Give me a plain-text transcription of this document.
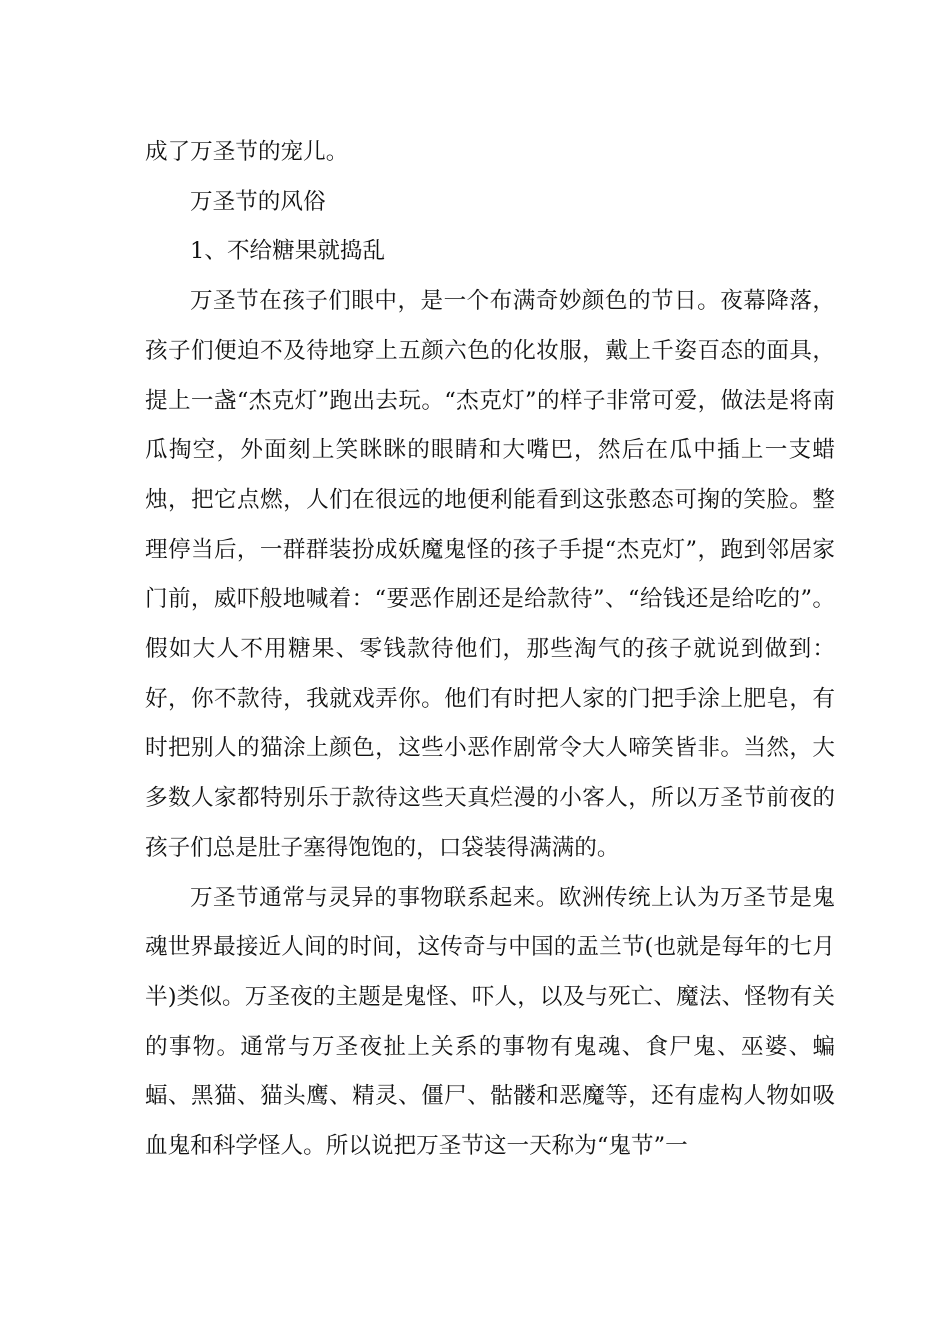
成了万圣节的宠儿。

万圣节的风俗

1、不给糖果就捣乱

万圣节在孩子们眼中，是一个布满奇妙颜色的节日。夜幕降落，孩子们便迫不及待地穿上五颜六色的化妆服，戴上千姿百态的面具，提上一盏“杰克灯”跑出去玩。“杰克灯”的样子非常可爱，做法是将南瓜掏空，外面刻上笑眯眯的眼睛和大嘴巴，然后在瓜中插上一支蜡烛，把它点燃，人们在很远的地便利能看到这张憨态可掬的笑脸。整理停当后，一群群装扮成妖魔鬼怪的孩子手提“杰克灯”，跑到邻居家门前，威吓般地喊着：“要恶作剧还是给款待”、“给钱还是给吃的”。假如大人不用糖果、零钱款待他们，那些淘气的孩子就说到做到：好，你不款待，我就戏弄你。他们有时把人家的门把手涂上肥皂，有时把别人的猫涂上颜色，这些小恶作剧常令大人啼笑皆非。当然，大多数人家都特别乐于款待这些天真烂漫的小客人，所以万圣节前夜的孩子们总是肚子塞得饱饱的，口袋装得满满的。

万圣节通常与灵异的事物联系起来。欧洲传统上认为万圣节是鬼魂世界最接近人间的时间，这传奇与中国的盂兰节(也就是每年的七月半)类似。万圣夜的主题是鬼怪、吓人，以及与死亡、魔法、怪物有关的事物。通常与万圣夜扯上关系的事物有鬼魂、食尸鬼、巫婆、蝙蝠、黑猫、猫头鹰、精灵、僵尸、骷髅和恶魔等，还有虚构人物如吸血鬼和科学怪人。所以说把万圣节这一天称为“鬼节”一
